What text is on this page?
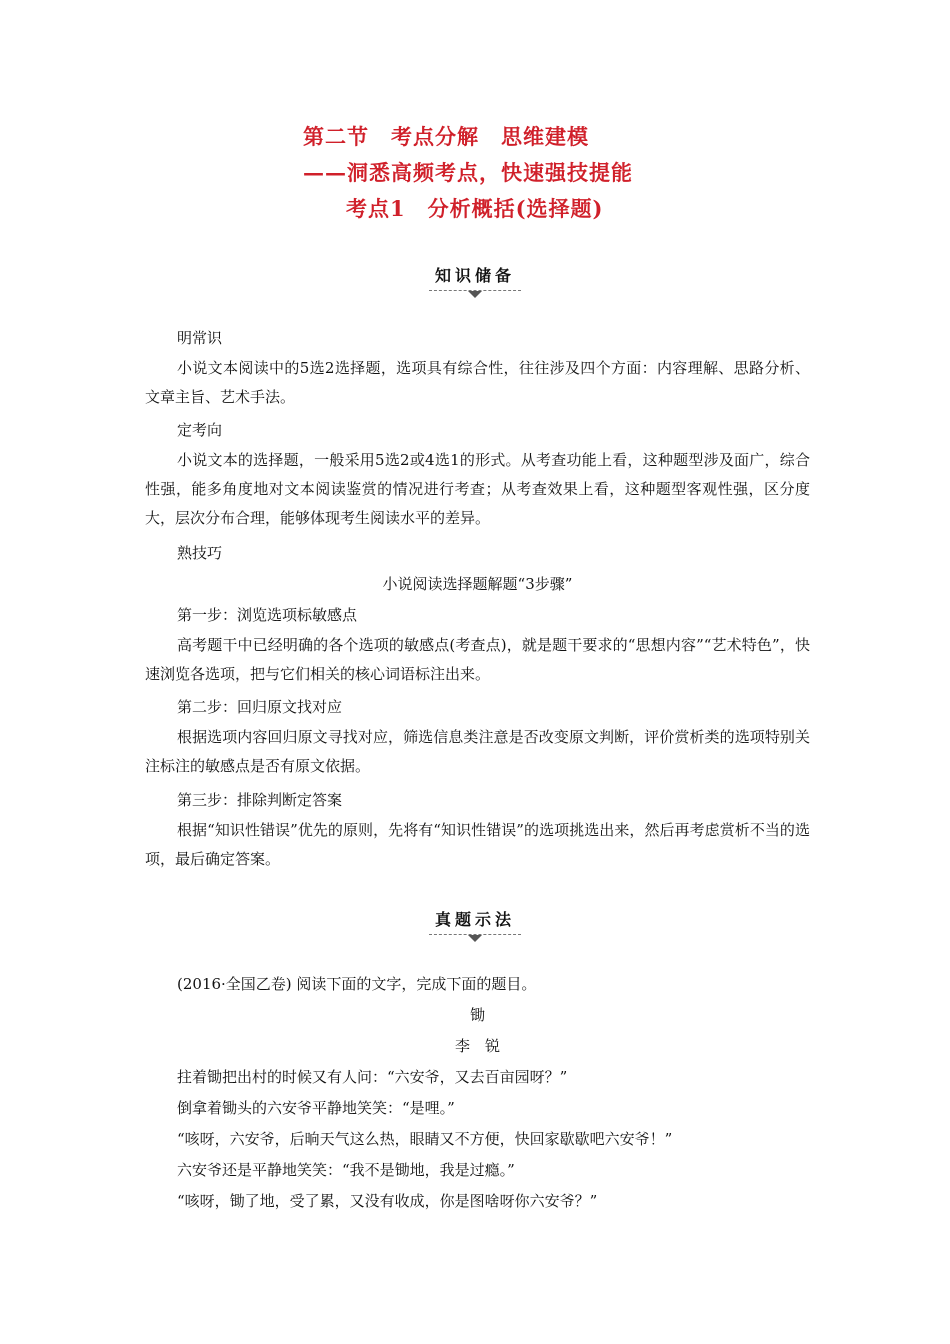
第二节　考点分解　思维建模
——洞悉高频考点，快速强技提能
考点1　分析概括(选择题)
知识储备
明常识
小说文本阅读中的5选2选择题，选项具有综合性，往往涉及四个方面：内容理解、思路分析、文章主旨、艺术手法。
定考向
小说文本的选择题，一般采用5选2或4选1的形式。从考查功能上看，这种题型涉及面广，综合性强，能多角度地对文本阅读鉴赏的情况进行考查；从考查效果上看，这种题型客观性强，区分度大，层次分布合理，能够体现考生阅读水平的差异。
熟技巧
小说阅读选择题解题“3步骤”
第一步：浏览选项标敏感点
高考题干中已经明确的各个选项的敏感点(考查点)，就是题干要求的“思想内容”“艺术特色”，快速浏览各选项，把与它们相关的核心词语标注出来。
第二步：回归原文找对应
根据选项内容回归原文寻找对应，筛选信息类注意是否改变原文判断，评价赏析类的选项特别关注标注的敏感点是否有原文依据。
第三步：排除判断定答案
根据“知识性错误”优先的原则，先将有“知识性错误”的选项挑选出来，然后再考虑赏析不当的选项，最后确定答案。
真题示法
(2016·全国乙卷) 阅读下面的文字，完成下面的题目。
锄
李　锐
拄着锄把出村的时候又有人问：“六安爷，又去百亩园呀？”
倒拿着锄头的六安爷平静地笑笑：“是哩。”
“咳呀，六安爷，后晌天气这么热，眼睛又不方便，快回家歇歇吧六安爷！”
六安爷还是平静地笑笑：“我不是锄地，我是过瘾。”
“咳呀，锄了地，受了累，又没有收成，你是图啥呀你六安爷？”
